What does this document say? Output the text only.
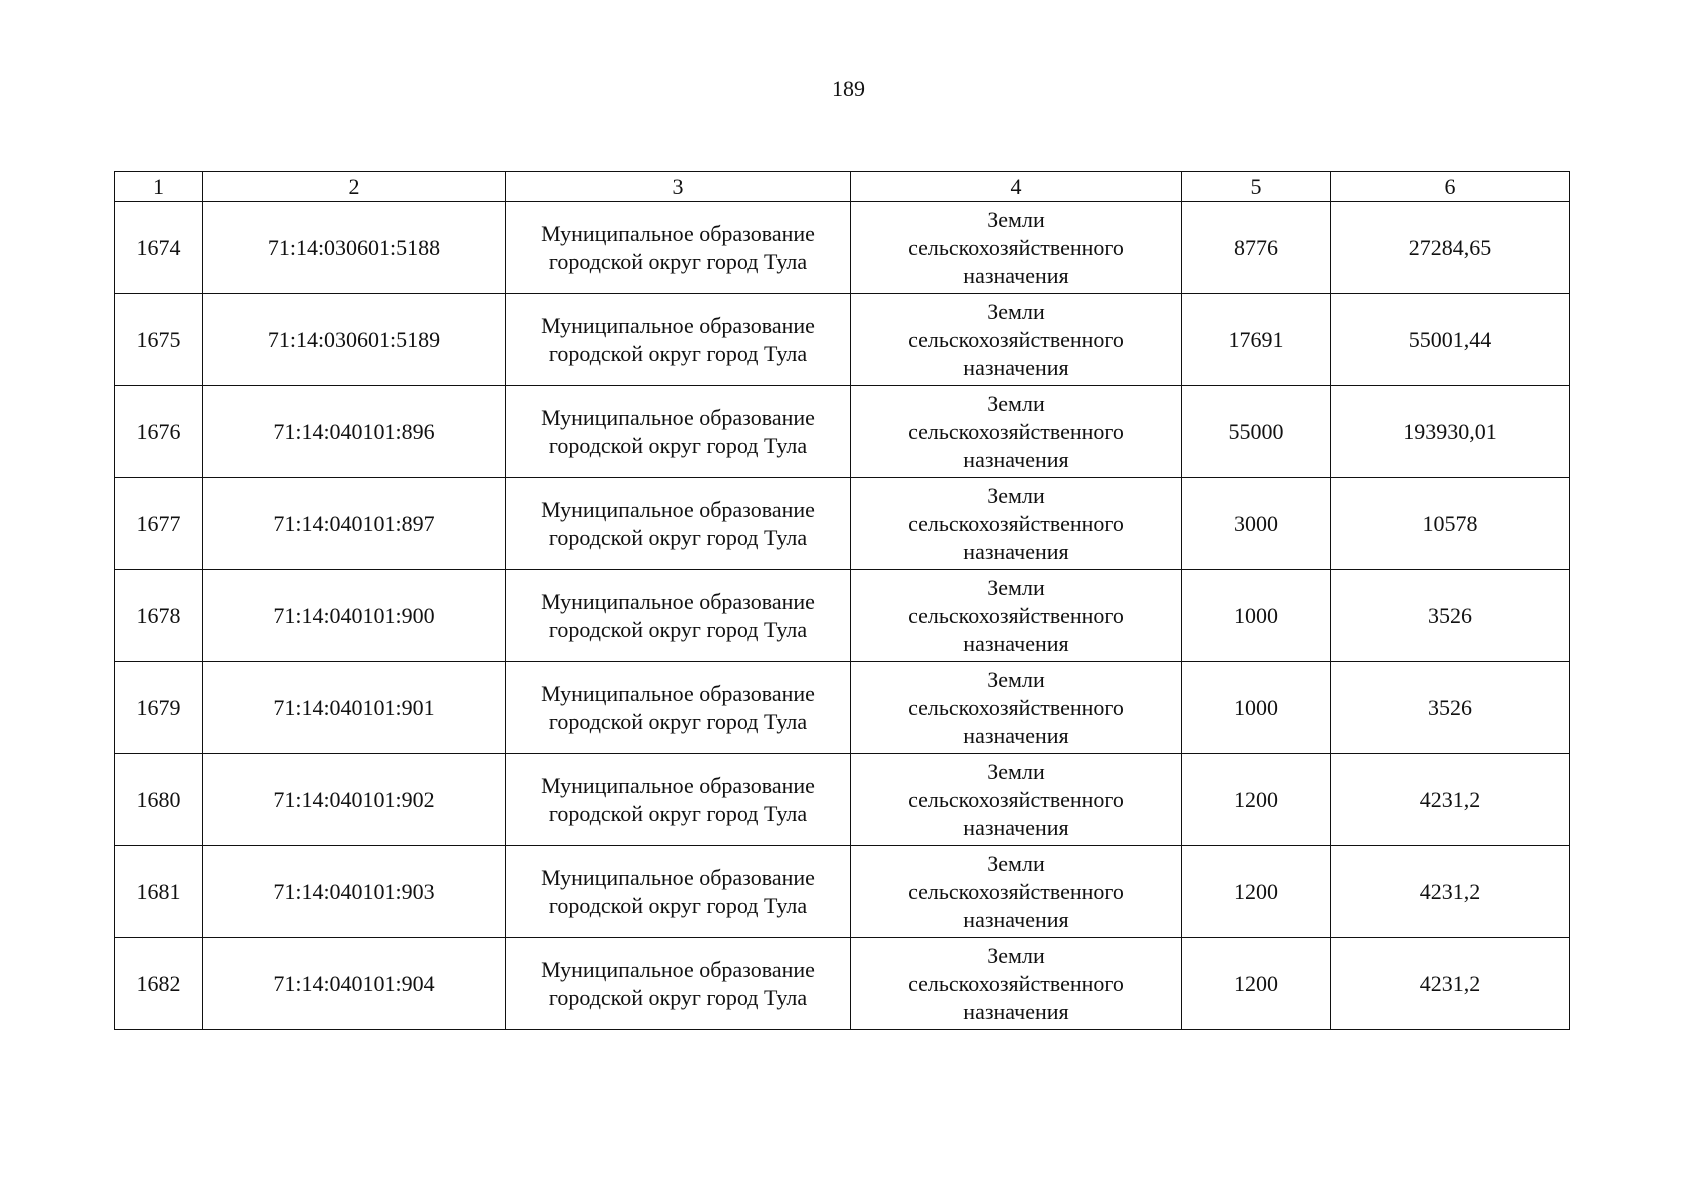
189
1	2	3	4	5	6
1674	71:14:030601:5188	Муниципальное образование
городской округ город Тула	Земли
сельскохозяйственного
назначения	8776	27284,65
1675	71:14:030601:5189	Муниципальное образование
городской округ город Тула	Земли
сельскохозяйственного
назначения	17691	55001,44
1676	71:14:040101:896	Муниципальное образование
городской округ город Тула	Земли
сельскохозяйственного
назначения	55000	193930,01
1677	71:14:040101:897	Муниципальное образование
городской округ город Тула	Земли
сельскохозяйственного
назначения	3000	10578
1678	71:14:040101:900	Муниципальное образование
городской округ город Тула	Земли
сельскохозяйственного
назначения	1000	3526
1679	71:14:040101:901	Муниципальное образование
городской округ город Тула	Земли
сельскохозяйственного
назначения	1000	3526
1680	71:14:040101:902	Муниципальное образование
городской округ город Тула	Земли
сельскохозяйственного
назначения	1200	4231,2
1681	71:14:040101:903	Муниципальное образование
городской округ город Тула	Земли
сельскохозяйственного
назначения	1200	4231,2
1682	71:14:040101:904	Муниципальное образование
городской округ город Тула	Земли
сельскохозяйственного
назначения	1200	4231,2
